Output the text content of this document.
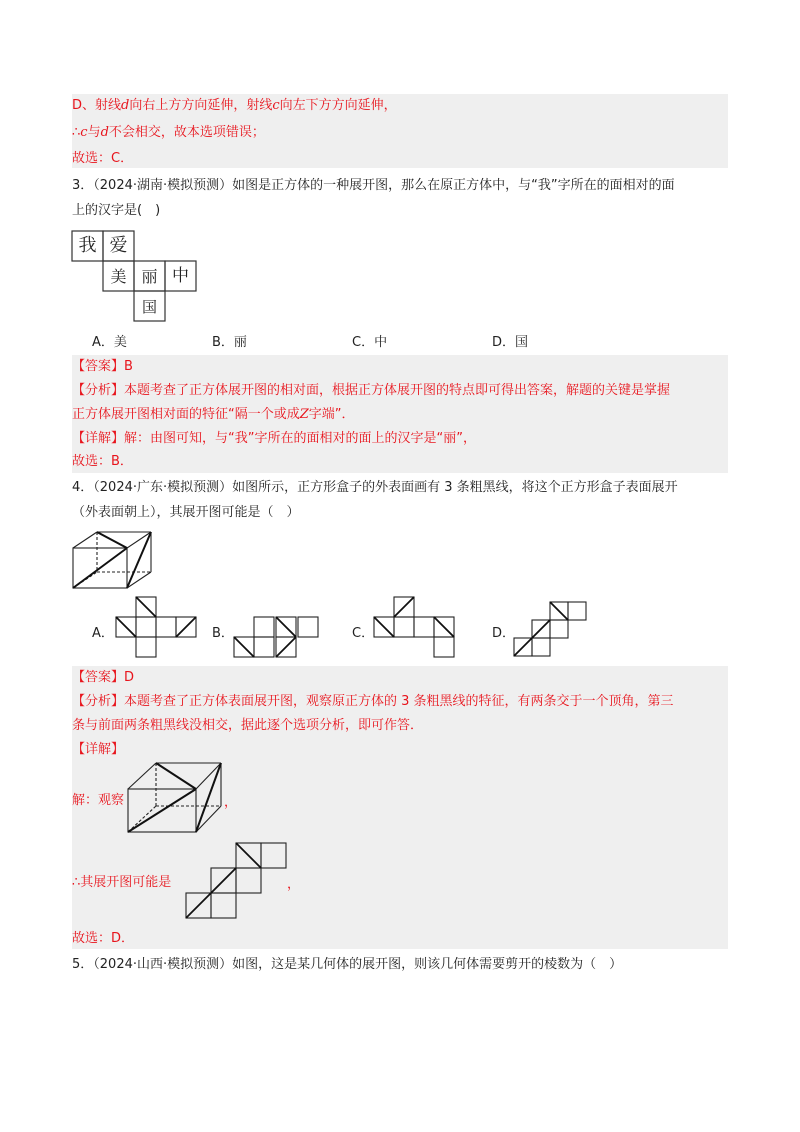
D、射线d向右上方方向延伸，射线c向左下方方向延伸，
∴c与d不会相交，故本选项错误；
故选：C．
3．（2024·湖南·模拟预测）如图是正方体的一种展开图，那么在原正方体中，与“我”字所在的面相对的面
上的汉字是(　)
我 爱
美 丽 中
国
A．美	B．丽	C．中	D．国
【答案】B
【分析】本题考查了正方体展开图的相对面，根据正方体展开图的特点即可得出答案，解题的关键是掌握
正方体展开图相对面的特征“隔一个或成Z字端”．
【详解】解：由图可知，与“我”字所在的面相对的面上的汉字是“丽”，
故选：B．
4．（2024·广东·模拟预测）如图所示，正方形盒子的外表面画有 3 条粗黑线，将这个正方形盒子表面展开
（外表面朝上），其展开图可能是（　）
A．	B．	C．	D．
【答案】D
【分析】本题考查了正方体表面展开图，观察原正方体的 3 条粗黑线的特征，有两条交于一个顶角，第三
条与前面两条粗黑线没相交，据此逐个选项分析，即可作答．
【详解】
解：观察	，
∴其展开图可能是	，
故选：D．
5．（2024·山西·模拟预测）如图，这是某几何体的展开图，则该几何体需要剪开的棱数为（　）
